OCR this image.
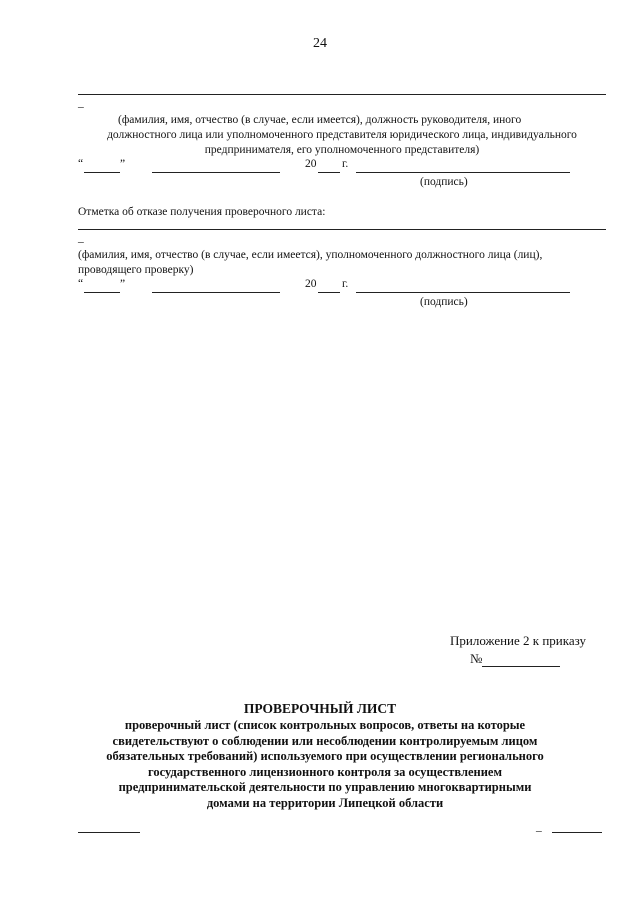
24
_
(фамилия, имя, отчество (в случае, если имеется), должность руководителя, иного
должностного лица или уполномоченного представителя юридического лица, индивидуального
предпринимателя, его уполномоченного представителя)
“	”	20 г.
(подпись)
Отметка об отказе получения проверочного листа:
_
(фамилия, имя, отчество (в случае, если имеется), уполномоченного должностного лица (лиц),
проводящего проверку)
“	”	20 г.
(подпись)
Приложение 2 к приказу
№
ПРОВЕРОЧНЫЙ ЛИСТ
проверочный лист (список контрольных вопросов, ответы на которые
свидетельствуют о соблюдении или несоблюдении контролируемым лицом
обязательных требований) используемого при осуществлении регионального
государственного лицензионного контроля за осуществлением
предпринимательской деятельности по управлению многоквартирными
домами на территории Липецкой области
_
